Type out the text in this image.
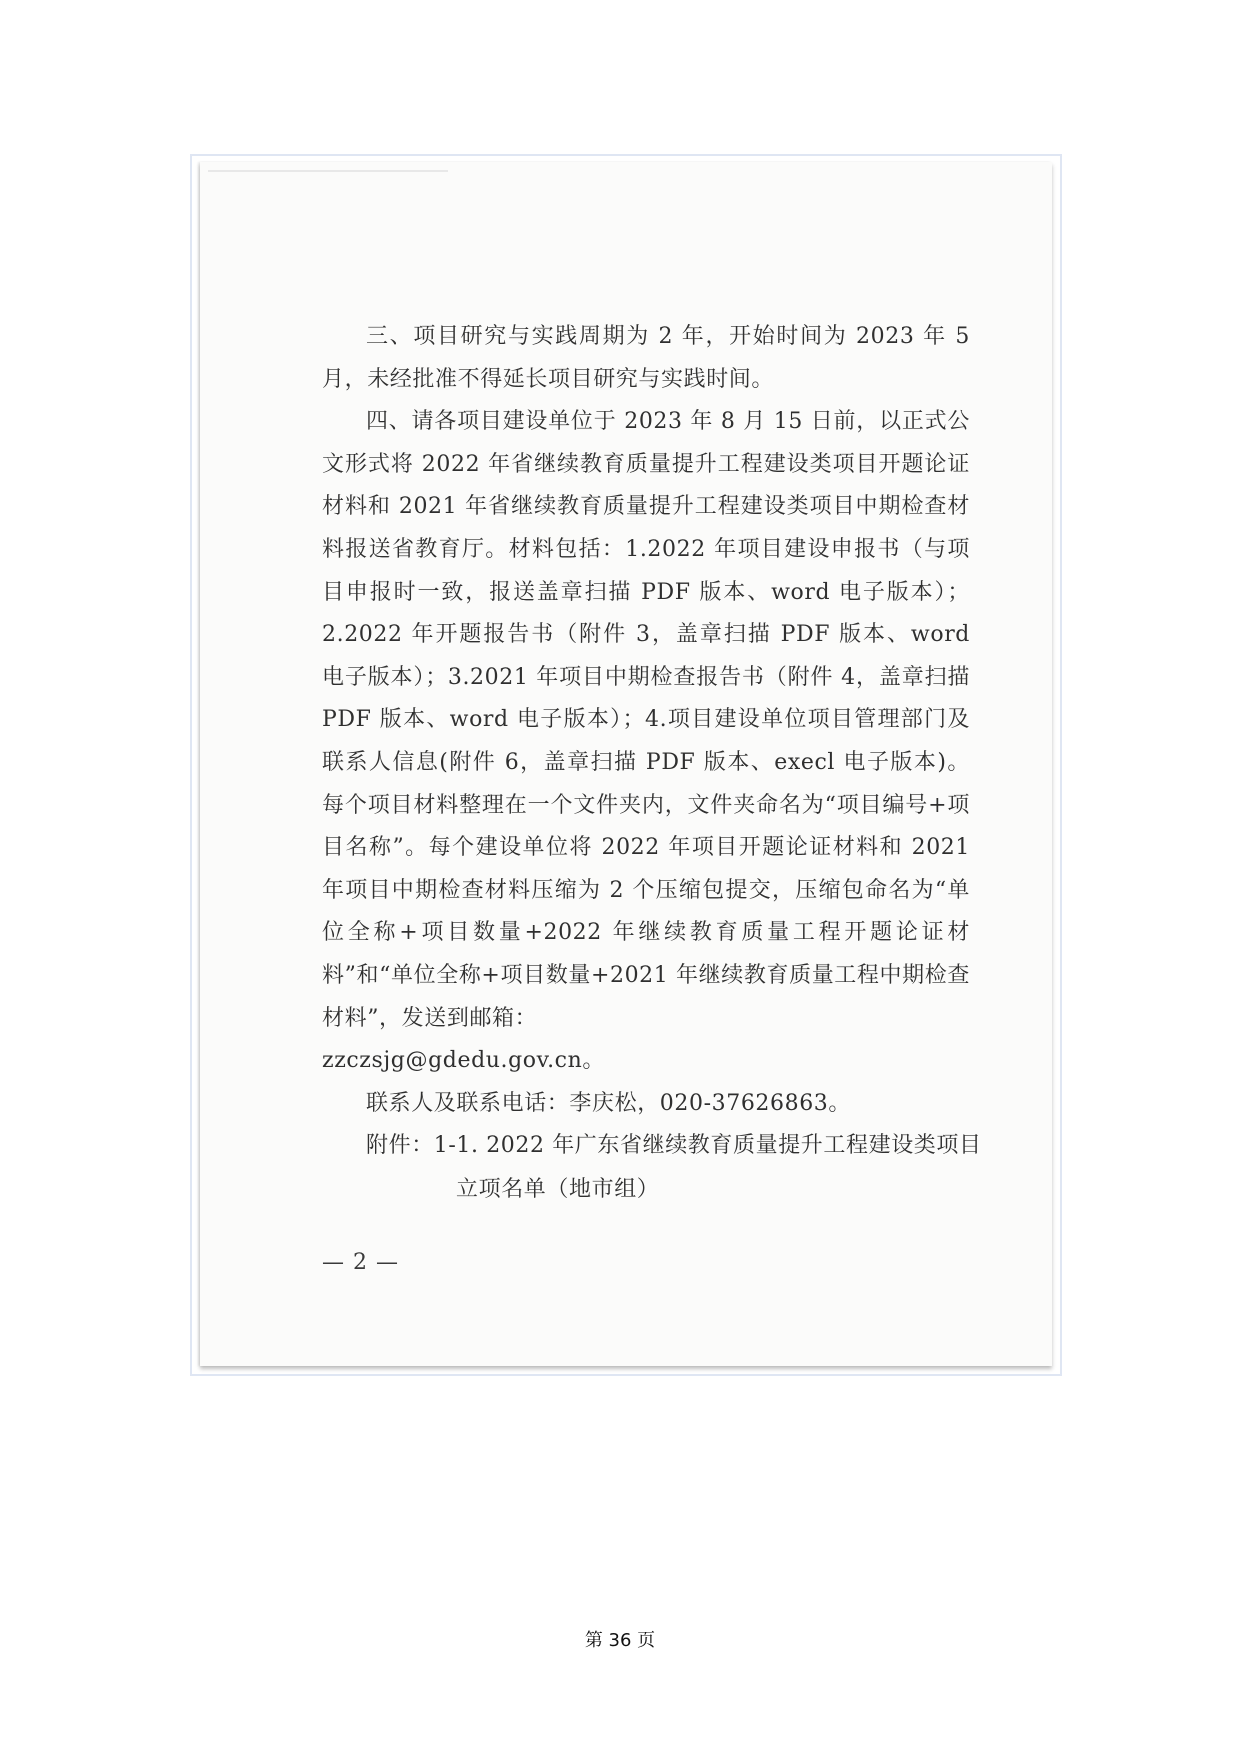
三、项目研究与实践周期为 2 年，开始时间为 2023 年 5 月，未经批准不得延长项目研究与实践时间。

四、请各项目建设单位于 2023 年 8 月 15 日前，以正式公文形式将 2022 年省继续教育质量提升工程建设类项目开题论证材料和 2021 年省继续教育质量提升工程建设类项目中期检查材料报送省教育厅。材料包括：1.2022 年项目建设申报书（与项目申报时一致，报送盖章扫描 PDF 版本、word 电子版本）；2.2022 年开题报告书（附件 3，盖章扫描 PDF 版本、word 电子版本）；3.2021 年项目中期检查报告书（附件 4，盖章扫描 PDF 版本、word 电子版本）；4.项目建设单位项目管理部门及联系人信息(附件 6，盖章扫描 PDF 版本、execl 电子版本)。每个项目材料整理在一个文件夹内，文件夹命名为“项目编号+项目名称”。每个建设单位将 2022 年项目开题论证材料和 2021 年项目中期检查材料压缩为 2 个压缩包提交，压缩包命名为“单位全称+项目数量+2022 年继续教育质量工程开题论证材料”和“单位全称+项目数量+2021 年继续教育质量工程中期检查材料”，发送到邮箱：

zzczsjg@gdedu.gov.cn。

联系人及联系电话：李庆松，020-37626863。

附件：1-1. 2022 年广东省继续教育质量提升工程建设类项目
立项名单（地市组）
— 2 —
第 36 页
